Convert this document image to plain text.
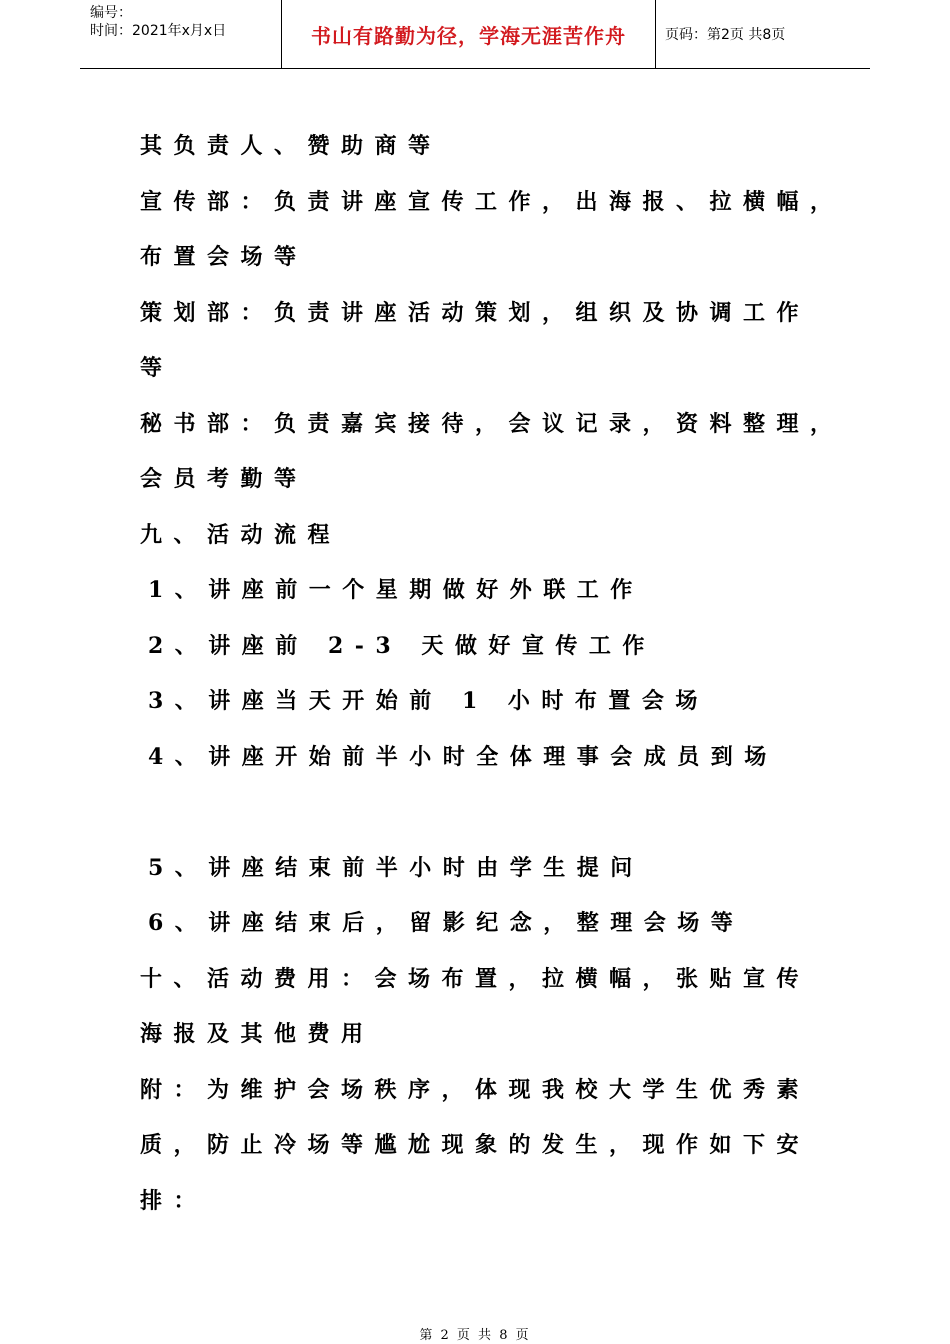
编号：
时间：2021年x月x日	书山有路勤为径，学海无涯苦作舟	页码：第2页 共8页
其负责人、赞助商等
宣传部：负责讲座宣传工作，出海报、拉横幅，
布置会场等
策划部：负责讲座活动策划，组织及协调工作
等
秘书部：负责嘉宾接待，会议记录，资料整理，
会员考勤等
九、活动流程
1、讲座前一个星期做好外联工作
2、讲座前 2-3 天做好宣传工作
3、讲座当天开始前 1 小时布置会场
4、讲座开始前半小时全体理事会成员到场
5、讲座结束前半小时由学生提问
6、讲座结束后，留影纪念，整理会场等
十、活动费用：会场布置，拉横幅，张贴宣传
海报及其他费用
附：为维护会场秩序，体现我校大学生优秀素
质，防止冷场等尴尬现象的发生，现作如下安
排：
第 2 页 共 8 页
